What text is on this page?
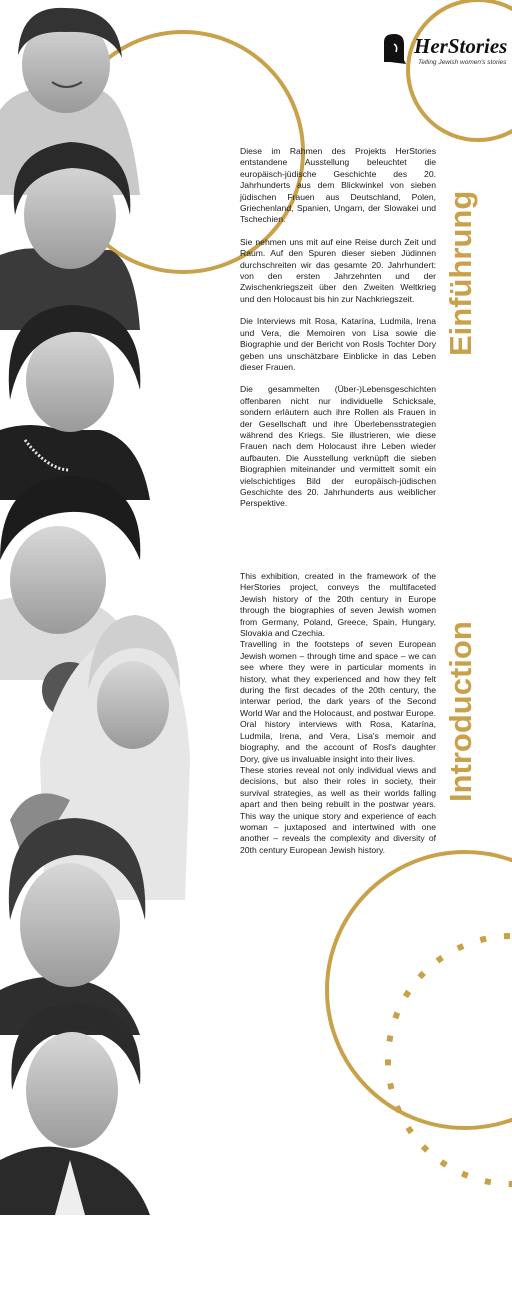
HerStories
Telling Jewish women's stories

Diese im Rahmen des Projekts HerStories entstandene Ausstellung beleuchtet die europäisch-jüdische Geschichte des 20. Jahrhunderts aus dem Blickwinkel von sieben jüdischen Frauen aus Deutschland, Polen, Griechenland, Spanien, Ungarn, der Slowakei und Tschechien.

Sie nehmen uns mit auf eine Reise durch Zeit und Raum. Auf den Spuren dieser sieben Jüdinnen durchschreiten wir das gesamte 20. Jahrhundert: von den ersten Jahrzehnten und der Zwischenkriegszeit über den Zweiten Weltkrieg und den Holocaust bis hin zur Nachkriegszeit.

Die Interviews mit Rosa, Katarína, Ludmila, Irena und Vera, die Memoiren von Lisa sowie die Biographie und der Bericht von Rosls Tochter Dory geben uns unschätzbare Einblicke in das Leben dieser Frauen.

Die gesammelten (Über-)Lebensgeschichten offenbaren nicht nur individuelle Schicksale, sondern erläutern auch ihre Rollen als Frauen in der Gesellschaft und ihre Überlebensstrategien während des Kriegs. Sie illustrieren, wie diese Frauen nach dem Holocaust ihre Leben wieder aufbauten. Die Ausstellung verknüpft die sieben Biographien miteinander und vermittelt somit ein vielschichtiges Bild der europäisch-jüdischen Geschichte des 20. Jahrhunderts aus weiblicher Perspektive.

This exhibition, created in the framework of the HerStories project, conveys the multifaceted Jewish history of the 20th century in Europe through the biographies of seven Jewish women from Germany, Poland, Greece, Spain, Hungary, Slovakia and Czechia.

Travelling in the footsteps of seven European Jewish women – through time and space – we can see where they were in particular moments in history, what they experienced and how they felt during the first decades of the 20th century, the interwar period, the dark years of the Second World War and the Holocaust, and postwar Europe. Oral history interviews with Rosa, Katarína, Ludmila, Irena, and Vera, Lisa's memoir and biography, and the account of Rosl's daughter Dory, give us invaluable insight into their lives.

These stories reveal not only individual views and decisions, but also their roles in society, their survival strategies, as well as their worlds falling apart and then being rebuilt in the postwar years. This way the unique story and experience of each woman – juxtaposed and intertwined with one another – reveals the complexity and diversity of 20th century European Jewish history.

Einführung
Introduction
